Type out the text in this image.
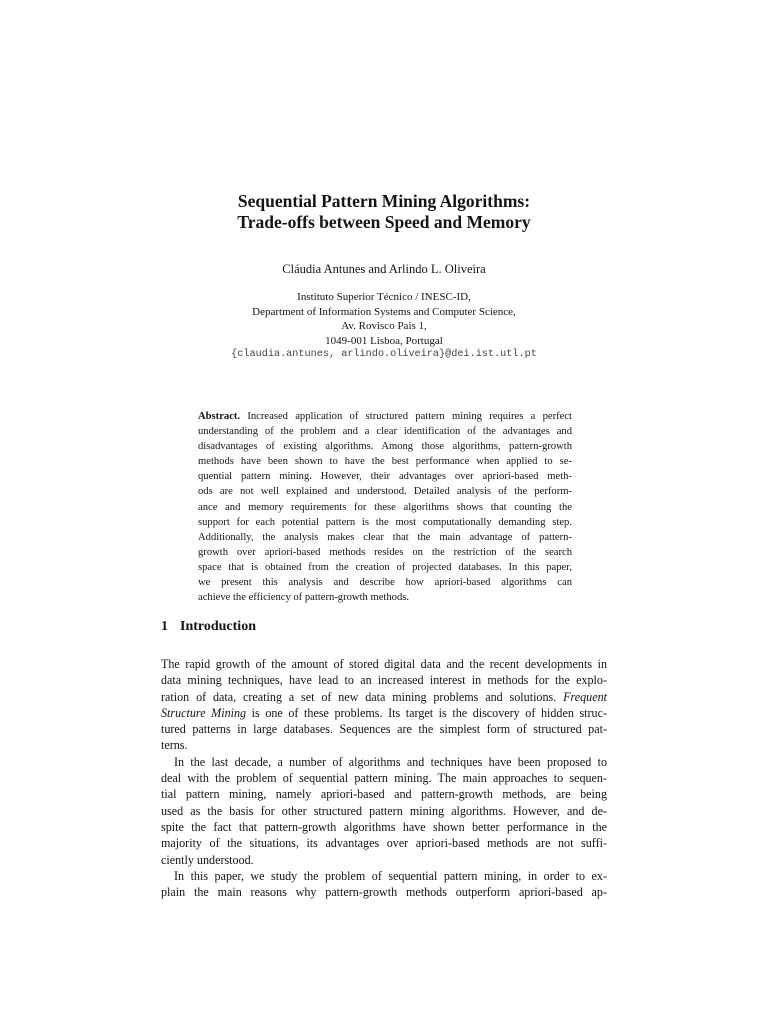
Sequential Pattern Mining Algorithms:
Trade-offs between Speed and Memory
Cláudia Antunes and Arlindo L. Oliveira
Instituto Superior Técnico / INESC-ID,
Department of Information Systems and Computer Science,
Av. Rovisco Pais 1,
1049-001 Lisboa, Portugal
{claudia.antunes, arlindo.oliveira}@dei.ist.utl.pt
Abstract. Increased application of structured pattern mining requires a perfect
understanding of the problem and a clear identification of the advantages and
disadvantages of existing algorithms. Among those algorithms, pattern-growth
methods have been shown to have the best performance when applied to se-
quential pattern mining. However, their advantages over apriori-based meth-
ods are not well explained and understood. Detailed analysis of the perform-
ance and memory requirements for these algorithms shows that counting the
support for each potential pattern is the most computationally demanding step.
Additionally, the analysis makes clear that the main advantage of pattern-
growth over apriori-based methods resides on the restriction of the search
space that is obtained from the creation of projected databases. In this paper,
we present this analysis and describe how apriori-based algorithms can
achieve the efficiency of pattern-growth methods.
1 Introduction
The rapid growth of the amount of stored digital data and the recent developments in
data mining techniques, have lead to an increased interest in methods for the explo-
ration of data, creating a set of new data mining problems and solutions. Frequent
Structure Mining is one of these problems. Its target is the discovery of hidden struc-
tured patterns in large databases. Sequences are the simplest form of structured pat-
terns.
In the last decade, a number of algorithms and techniques have been proposed to
deal with the problem of sequential pattern mining. The main approaches to sequen-
tial pattern mining, namely apriori-based and pattern-growth methods, are being
used as the basis for other structured pattern mining algorithms. However, and de-
spite the fact that pattern-growth algorithms have shown better performance in the
majority of the situations, its advantages over apriori-based methods are not suffi-
ciently understood.
In this paper, we study the problem of sequential pattern mining, in order to ex-
plain the main reasons why pattern-growth methods outperform apriori-based ap-
